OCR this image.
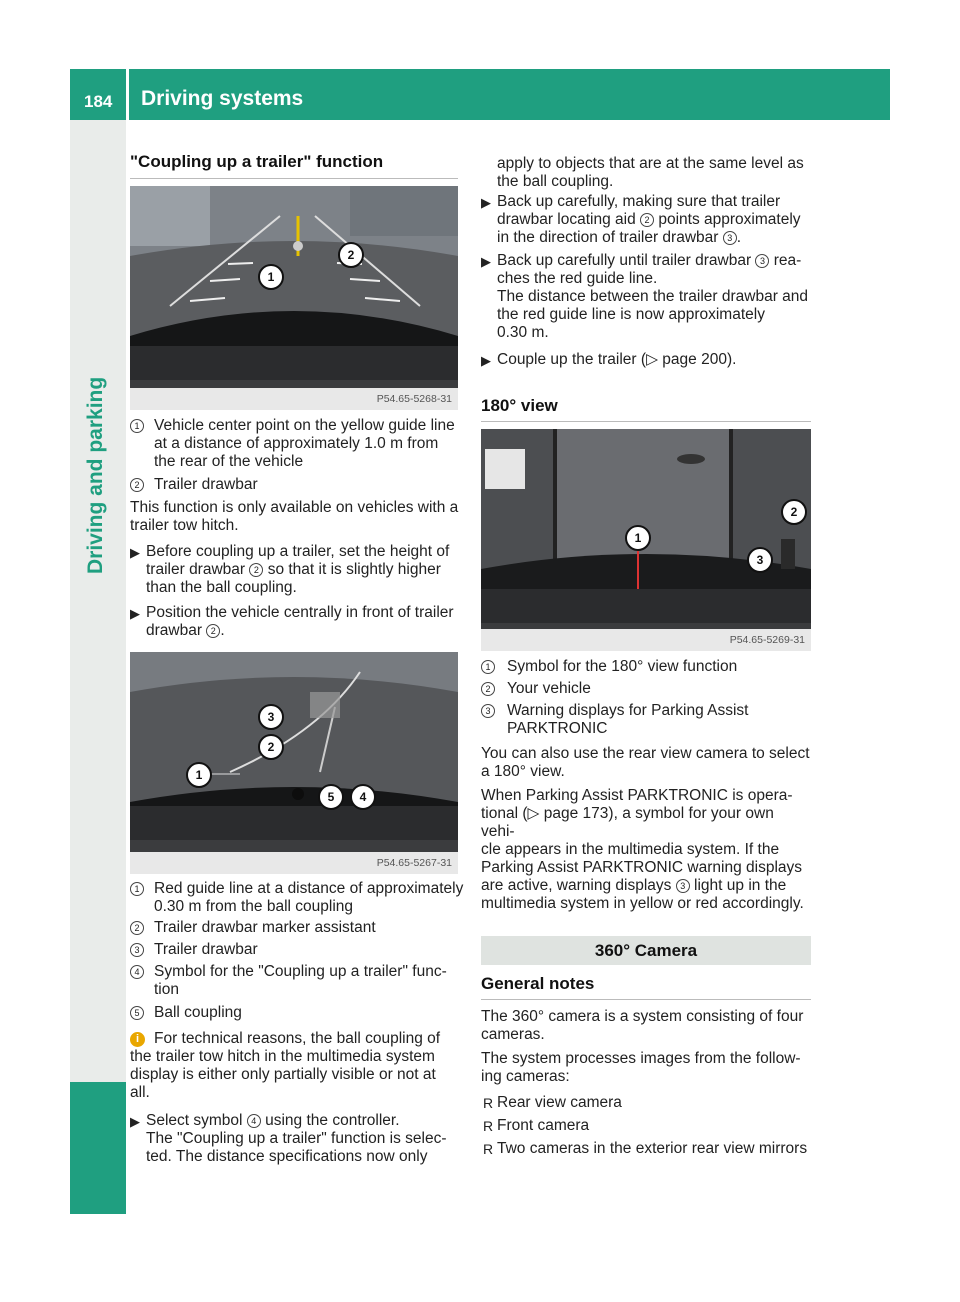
184 Driving systems
Driving and parking
"Coupling up a trailer" function
P54.65-5268-31
1
2
1 Vehicle center point on the yellow guide line
at a distance of approximately 1.0 m from
the rear of the vehicle
2 Trailer drawbar
This function is only available on vehicles with a
trailer tow hitch.
▶ Before coupling up a trailer, set the height of
trailer drawbar 2 so that it is slightly higher
than the ball coupling.
▶ Position the vehicle centrally in front of trailer
drawbar 2 .
P54.65-5267-31
1
2
3
4
5
1 Red guide line at a distance of approximately
0.30 m from the ball coupling
2 Trailer drawbar marker assistant
3 Trailer drawbar
4 Symbol for the "Coupling up a trailer" func-
tion
5 Ball coupling
i For technical reasons, the ball coupling of
the trailer tow hitch in the multimedia system
display is either only partially visible or not at
all.
▶ Select symbol 4 using the controller.
The "Coupling up a trailer" function is selec-
ted. The distance specifications now only
apply to objects that are at the same level as
the ball coupling.
▶ Back up carefully, making sure that trailer
drawbar locating aid 2 points approximately
in the direction of trailer drawbar 3 .
▶ Back up carefully until trailer drawbar 3 rea-
ches the red guide line.
The distance between the trailer drawbar and
the red guide line is now approximately
0.30 m.
▶ Couple up the trailer (▷ page 200).
180° view
P54.65-5269-31
1
2
3
1 Symbol for the 180° view function
2 Your vehicle
3 Warning displays for Parking Assist
PARKTRONIC
You can also use the rear view camera to select
a 180° view.
When Parking Assist PARKTRONIC is opera-
tional (▷ page 173), a symbol for your own vehi-
cle appears in the multimedia system. If the
Parking Assist PARKTRONIC warning displays
are active, warning displays 3 light up in the
multimedia system in yellow or red accordingly.
360° Camera
General notes
The 360° camera is a system consisting of four
cameras.
The system processes images from the follow-
ing cameras:
R Rear view camera
R Front camera
R Two cameras in the exterior rear view mirrors
